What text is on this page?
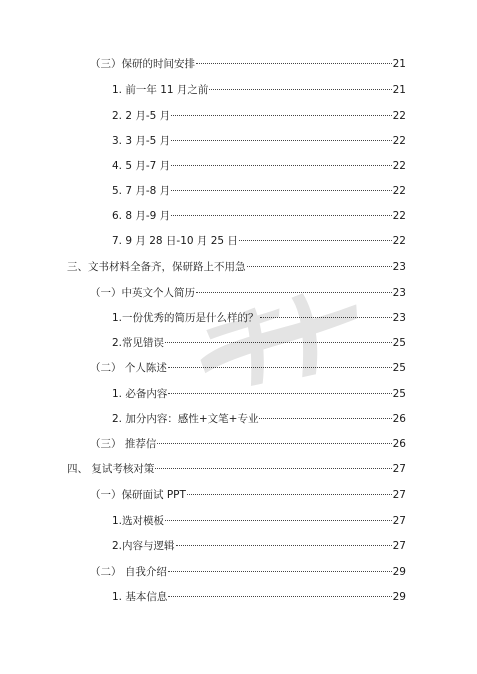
（三）保研的时间安排	21
1. 前一年 11 月之前	21
2. 2 月-5 月	22
3. 3 月-5 月	22
4. 5 月-7 月	22
5. 7 月-8 月	22
6. 8 月-9 月	22
7. 9 月 28 日-10 月 25 日	22
三、文书材料全备齐，保研路上不用急	23
（一）中英文个人简历	23
1.一份优秀的简历是什么样的？	23
2.常见错误	25
（二） 个人陈述	25
1. 必备内容	25
2. 加分内容：感性+文笔+专业	26
（三） 推荐信	26
四、 复试考核对策	27
（一）保研面试 PPT	27
1.选对模板	27
2.内容与逻辑	27
（二） 自我介绍	29
1. 基本信息	29
